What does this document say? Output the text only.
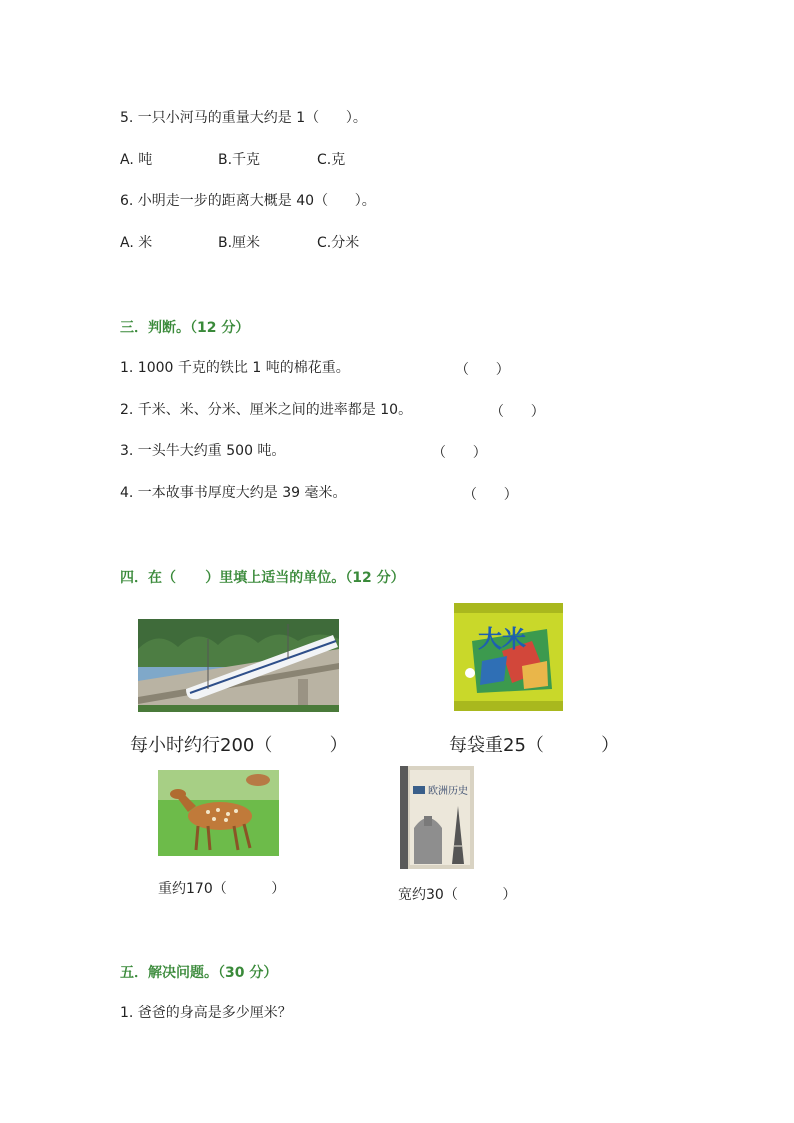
5. 一只小河马的重量大约是 1（      ）。
A. 吨	B.千克	C.克
6. 小明走一步的距离大概是 40（      ）。
A. 米	B.厘米	C.分米
三．判断。（12 分）
1. 1000 千克的铁比 1 吨的棉花重。	（      ）
2. 千米、米、分米、厘米之间的进率都是 10。	（      ）
3. 一头牛大约重 500 吨。	（      ）
4. 一本故事书厚度大约是 39 毫米。	（      ）
四．在（      ）里填上适当的单位。（12 分）
大米
每小时约行200（          ）	每袋重25（          ）
欧洲历史
重约170（          ）	宽约30（          ）
五．解决问题。（30 分）
1. 爸爸的身高是多少厘米？
